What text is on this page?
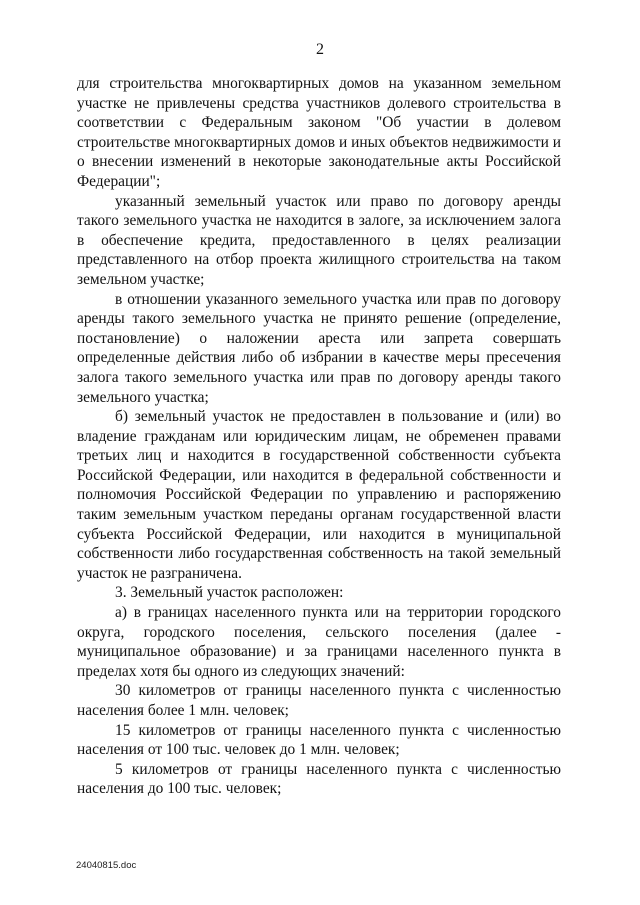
2

для строительства многоквартирных домов на указанном земельном участке не привлечены средства участников долевого строительства в соответствии с Федеральным законом "Об участии в долевом строительстве многоквартирных домов и иных объектов недвижимости и о внесении изменений в некоторые законодательные акты Российской Федерации";

указанный земельный участок или право по договору аренды такого земельного участка не находится в залоге, за исключением залога в обеспечение кредита, предоставленного в целях реализации представленного на отбор проекта жилищного строительства на таком земельном участке;

в отношении указанного земельного участка или прав по договору аренды такого земельного участка не принято решение (определение, постановление) о наложении ареста или запрета совершать определенные действия либо об избрании в качестве меры пресечения залога такого земельного участка или прав по договору аренды такого земельного участка;

б) земельный участок не предоставлен в пользование и (или) во владение гражданам или юридическим лицам, не обременен правами третьих лиц и находится в государственной собственности субъекта Российской Федерации, или находится в федеральной собственности и полномочия Российской Федерации по управлению и распоряжению таким земельным участком переданы органам государственной власти субъекта Российской Федерации, или находится в муниципальной собственности либо государственная собственность на такой земельный участок не разграничена.

3. Земельный участок расположен:

а) в границах населенного пункта или на территории городского округа, городского поселения, сельского поселения (далее - муниципальное образование) и за границами населенного пункта в пределах хотя бы одного из следующих значений:

30 километров от границы населенного пункта с численностью населения более 1 млн. человек;

15 километров от границы населенного пункта с численностью населения от 100 тыс. человек до 1 млн. человек;

5 километров от границы населенного пункта с численностью населения до 100 тыс. человек;

24040815.doc
